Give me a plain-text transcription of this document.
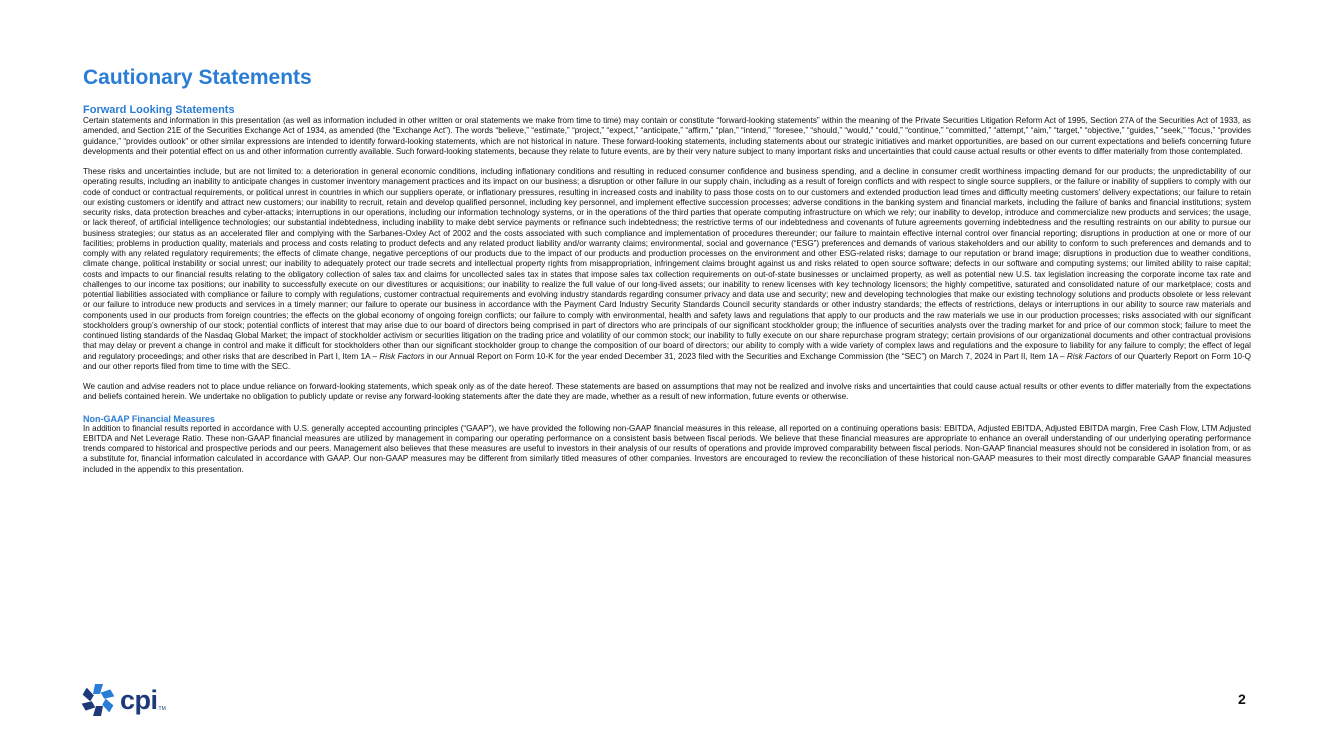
Cautionary Statements

Forward Looking Statements

Certain statements and information in this presentation (as well as information included in other written or oral statements we make from time to time) may contain or constitute “forward-looking statements” within the meaning of the Private Securities Litigation Reform Act of 1995, Section 27A of the Securities Act of 1933, as amended, and Section 21E of the Securities Exchange Act of 1934, as amended (the “Exchange Act”). The words “believe,” “estimate,” “project,” “expect,” “anticipate,” “affirm,” “plan,” “intend,” “foresee,” “should,” “would,” “could,” “continue,” “committed,” “attempt,” “aim,” “target,” “objective,” “guides,” “seek,” “focus,” “provides guidance,” “provides outlook” or other similar expressions are intended to identify forward-looking statements, which are not historical in nature. These forward-looking statements, including statements about our strategic initiatives and market opportunities, are based on our current expectations and beliefs concerning future developments and their potential effect on us and other information currently available. Such forward-looking statements, because they relate to future events, are by their very nature subject to many important risks and uncertainties that could cause actual results or other events to differ materially from those contemplated.

These risks and uncertainties include, but are not limited to: a deterioration in general economic conditions, including inflationary conditions and resulting in reduced consumer confidence and business spending, and a decline in consumer credit worthiness impacting demand for our products; the unpredictability of our operating results, including an inability to anticipate changes in customer inventory management practices and its impact on our business; a disruption or other failure in our supply chain, including as a result of foreign conflicts and with respect to single source suppliers, or the failure or inability of suppliers to comply with our code of conduct or contractual requirements, or political unrest in countries in which our suppliers operate, or inflationary pressures, resulting in increased costs and inability to pass those costs on to our customers and extended production lead times and difficulty meeting customers’ delivery expectations; our failure to retain our existing customers or identify and attract new customers; our inability to recruit, retain and develop qualified personnel, including key personnel, and implement effective succession processes; adverse conditions in the banking system and financial markets, including the failure of banks and financial institutions; system security risks, data protection breaches and cyber-attacks; interruptions in our operations, including our information technology systems, or in the operations of the third parties that operate computing infrastructure on which we rely; our inability to develop, introduce and commercialize new products and services; the usage, or lack thereof, of artificial intelligence technologies; our substantial indebtedness, including inability to make debt service payments or refinance such indebtedness; the restrictive terms of our indebtedness and covenants of future agreements governing indebtedness and the resulting restraints on our ability to pursue our business strategies; our status as an accelerated filer and complying with the Sarbanes-Oxley Act of 2002 and the costs associated with such compliance and implementation of procedures thereunder; our failure to maintain effective internal control over financial reporting; disruptions in production at one or more of our facilities; problems in production quality, materials and process and costs relating to product defects and any related product liability and/or warranty claims; environmental, social and governance (“ESG”) preferences and demands of various stakeholders and our ability to conform to such preferences and demands and to comply with any related regulatory requirements; the effects of climate change, negative perceptions of our products due to the impact of our products and production processes on the environment and other ESG-related risks; damage to our reputation or brand image; disruptions in production due to weather conditions, climate change, political instability or social unrest; our inability to adequately protect our trade secrets and intellectual property rights from misappropriation, infringement claims brought against us and risks related to open source software; defects in our software and computing systems; our limited ability to raise capital; costs and impacts to our financial results relating to the obligatory collection of sales tax and claims for uncollected sales tax in states that impose sales tax collection requirements on out-of-state businesses or unclaimed property, as well as potential new U.S. tax legislation increasing the corporate income tax rate and challenges to our income tax positions; our inability to successfully execute on our divestitures or acquisitions; our inability to realize the full value of our long-lived assets; our inability to renew licenses with key technology licensors; the highly competitive, saturated and consolidated nature of our marketplace; costs and potential liabilities associated with compliance or failure to comply with regulations, customer contractual requirements and evolving industry standards regarding consumer privacy and data use and security; new and developing technologies that make our existing technology solutions and products obsolete or less relevant or our failure to introduce new products and services in a timely manner; our failure to operate our business in accordance with the Payment Card Industry Security Standards Council security standards or other industry standards; the effects of restrictions, delays or interruptions in our ability to source raw materials and components used in our products from foreign countries; the effects on the global economy of ongoing foreign conflicts; our failure to comply with environmental, health and safety laws and regulations that apply to our products and the raw materials we use in our production processes; risks associated with our significant stockholders group’s ownership of our stock; potential conflicts of interest that may arise due to our board of directors being comprised in part of directors who are principals of our significant stockholder group; the influence of securities analysts over the trading market for and price of our common stock; failure to meet the continued listing standards of the Nasdaq Global Market; the impact of stockholder activism or securities litigation on the trading price and volatility of our common stock; our inability to fully execute on our share repurchase program strategy; certain provisions of our organizational documents and other contractual provisions that may delay or prevent a change in control and make it difficult for stockholders other than our significant stockholder group to change the composition of our board of directors; our ability to comply with a wide variety of complex laws and regulations and the exposure to liability for any failure to comply; the effect of legal and regulatory proceedings; and other risks that are described in Part I, Item 1A – Risk Factors in our Annual Report on Form 10-K for the year ended December 31, 2023 filed with the Securities and Exchange Commission (the “SEC”) on March 7, 2024 in Part II, Item 1A – Risk Factors of our Quarterly Report on Form 10-Q and our other reports filed from time to time with the SEC.

We caution and advise readers not to place undue reliance on forward-looking statements, which speak only as of the date hereof. These statements are based on assumptions that may not be realized and involve risks and uncertainties that could cause actual results or other events to differ materially from the expectations and beliefs contained herein. We undertake no obligation to publicly update or revise any forward-looking statements after the date they are made, whether as a result of new information, future events or otherwise.

Non-GAAP Financial Measures

In addition to financial results reported in accordance with U.S. generally accepted accounting principles (“GAAP”), we have provided the following non-GAAP financial measures in this release, all reported on a continuing operations basis: EBITDA, Adjusted EBITDA, Adjusted EBITDA margin, Free Cash Flow, LTM Adjusted EBITDA and Net Leverage Ratio. These non-GAAP financial measures are utilized by management in comparing our operating performance on a consistent basis between fiscal periods. We believe that these financial measures are appropriate to enhance an overall understanding of our underlying operating performance trends compared to historical and prospective periods and our peers. Management also believes that these measures are useful to investors in their analysis of our results of operations and provide improved comparability between fiscal periods. Non-GAAP financial measures should not be considered in isolation from, or as a substitute for, financial information calculated in accordance with GAAP. Our non-GAAP measures may be different from similarly titled measures of other companies. Investors are encouraged to review the reconciliation of these historical non-GAAP measures to their most directly comparable GAAP financial measures included in the appendix to this presentation.

cpi TM
2
